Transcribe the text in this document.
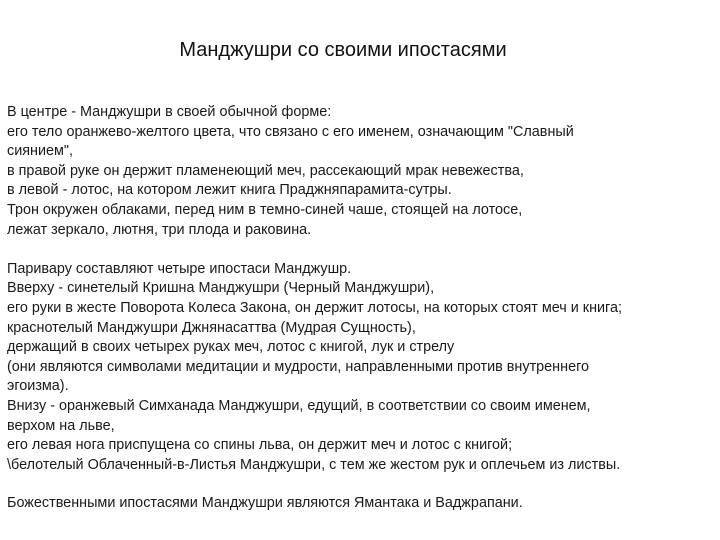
Манджушри со своими ипостасями

В центре - Манджушри в своей обычной форме:
его тело оранжево-желтого цвета, что связано с его именем, означающим "Славный
сиянием",
в правой руке он держит пламенеющий меч, рассекающий мрак невежества,
в левой - лотос, на котором лежит книга Праджняпарамита-сутры.
Трон окружен облаками, перед ним в темно-синей чаше, стоящей на лотосе,
лежат зеркало, лютня, три плода и раковина.

Паривару составляют четыре ипостаси Манджушр.
Вверху - синетелый Кришна Манджушри (Черный Манджушри),
его руки в жесте Поворота Колеса Закона, он держит лотосы, на которых стоят меч и книга;
краснотелый Манджушри Джнянасаттва (Мудрая Сущность),
держащий в своих четырех руках меч, лотос с книгой, лук и стрелу
(они являются символами медитации и мудрости, направленными против внутреннего
эгоизма).
Внизу - оранжевый Симханада Манджушри, едущий, в соответствии со своим именем,
верхом на льве,
его левая нога приспущена со спины льва, он держит меч и лотос с книгой;
\белотелый Облаченный-в-Листья Манджушри, с тем же жестом рук и оплечьем из листвы.

Божественными ипостасями Манджушри являются Ямантака и Ваджрапани.
